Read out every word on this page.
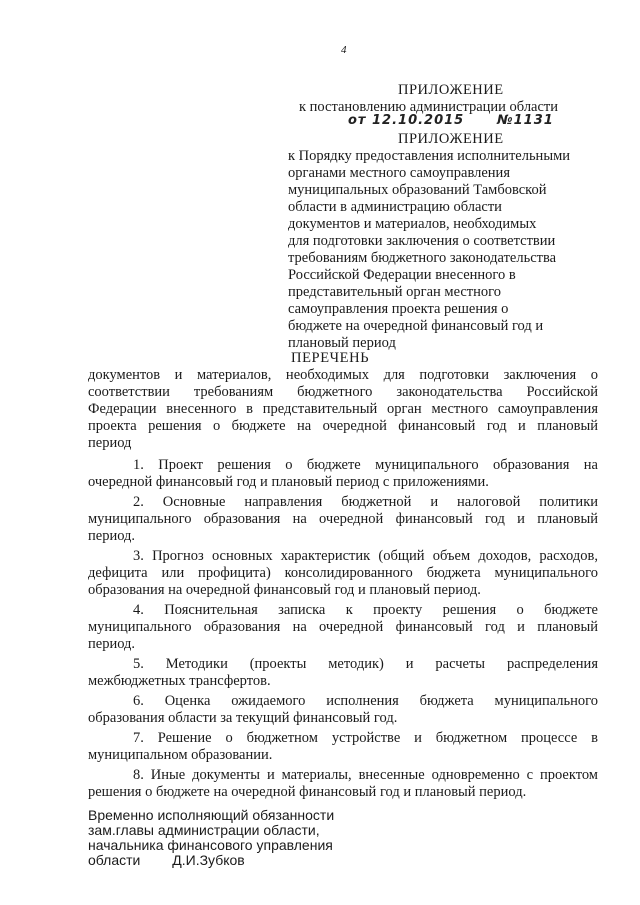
4
ПРИЛОЖЕНИЕ
к постановлению администрации области
от 12.10.2015	№1131
ПРИЛОЖЕНИЕ
к Порядку предоставления исполнительными
органами местного самоуправления
муниципальных образований Тамбовской
области в администрацию области
документов и материалов, необходимых
для подготовки заключения о соответствии
требованиям бюджетного законодательства
Российской Федерации внесенного в
представительный орган местного
самоуправления проекта решения о
бюджете на очередной финансовый год и
плановый период
ПЕРЕЧЕНЬ
документов и материалов, необходимых для подготовки заключения о
соответствии требованиям бюджетного законодательства Российской
Федерации внесенного в представительный орган местного самоуправления
проекта решения о бюджете на очередной финансовый год и плановый
период
1. Проект решения о бюджете муниципального образования на
очередной финансовый год и плановый период с приложениями.
2. Основные направления бюджетной и налоговой политики
муниципального образования на очередной финансовый год и плановый
период.
3. Прогноз основных характеристик (общий объем доходов, расходов,
дефицита или профицита) консолидированного бюджета муниципального
образования на очередной финансовый год и плановый период.
4. Пояснительная записка к проекту решения о бюджете
муниципального образования на очередной финансовый год и плановый
период.
5. Методики (проекты методик) и расчеты распределения
межбюджетных трансфертов.
6. Оценка ожидаемого исполнения бюджета муниципального
образования области за текущий финансовый год.
7. Решение о бюджетном устройстве и бюджетном процессе в
муниципальном образовании.
8. Иные документы и материалы, внесенные одновременно с проектом
решения о бюджете на очередной финансовый год и плановый период.
Временно исполняющий обязанности
зам.главы администрации области,
начальника финансового управления
области Д.И.Зубков
